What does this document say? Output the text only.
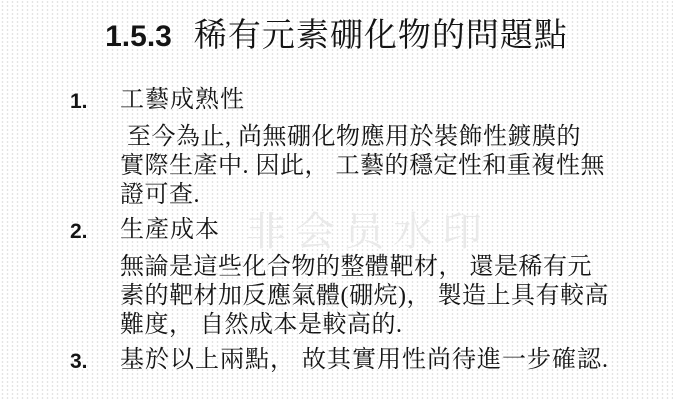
1.5.3 稀有元素硼化物的問題點
非会员水印
1.	工藝成熟性
至今為止, 尚無硼化物應用於裝飾性鍍膜的
實際生產中. 因此， 工藝的穩定性和重複性無
證可查.
2.	生產成本
無論是這些化合物的整體靶材， 還是稀有元
素的靶材加反應氣體(硼烷)， 製造上具有較高
難度， 自然成本是較高的.
3.	基於以上兩點， 故其實用性尚待進一步確認.
